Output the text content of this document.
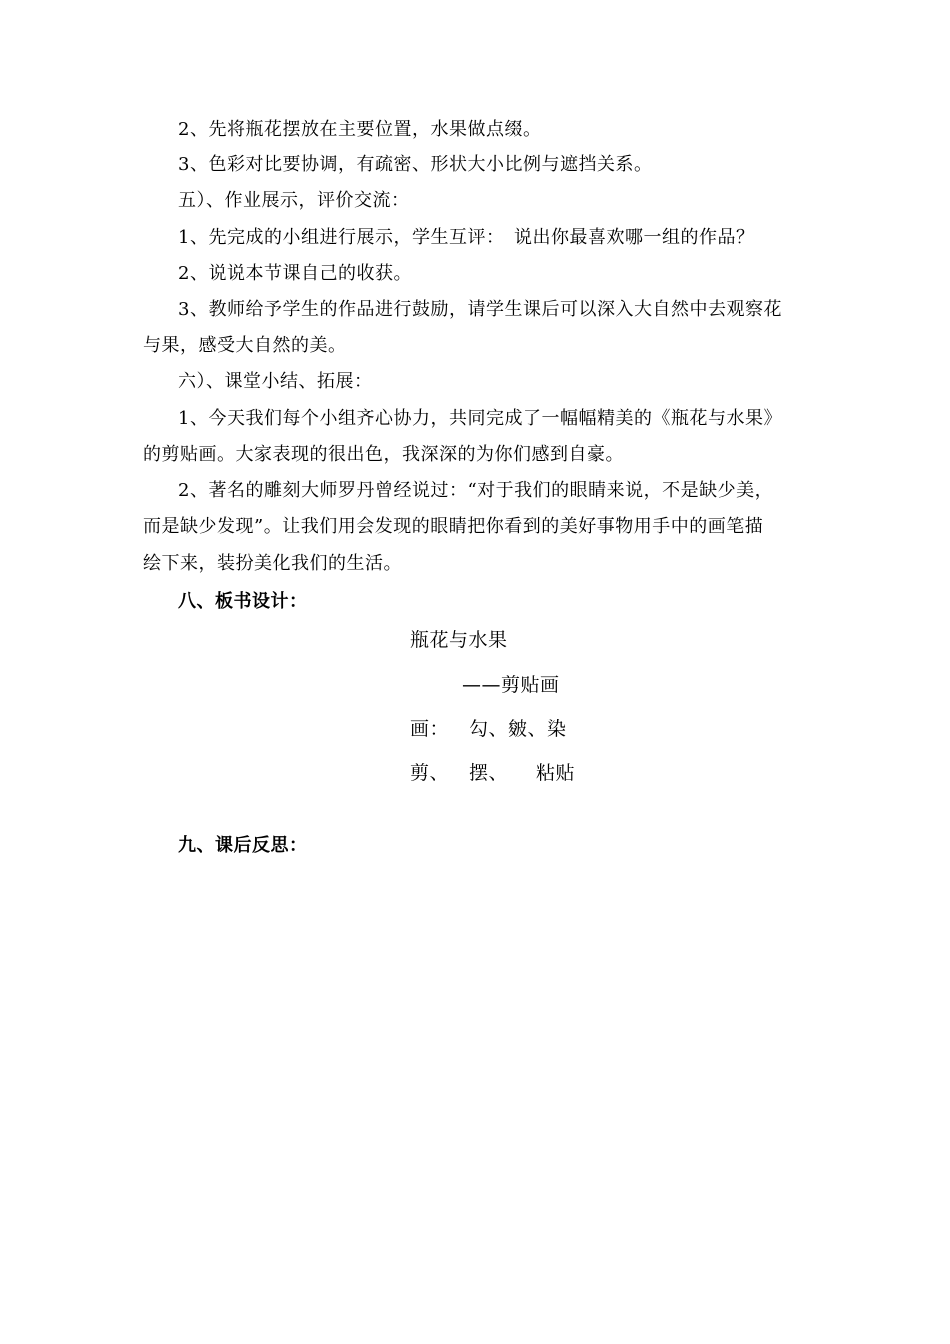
2、先将瓶花摆放在主要位置，水果做点缀。
3、色彩对比要协调，有疏密、形状大小比例与遮挡关系。
五）、作业展示，评价交流：
1、先完成的小组进行展示，学生互评：　说出你最喜欢哪一组的作品？
2、说说本节课自己的收获。
3、教师给予学生的作品进行鼓励，请学生课后可以深入大自然中去观察花
与果，感受大自然的美。
六）、课堂小结、拓展：
1、今天我们每个小组齐心协力，共同完成了一幅幅精美的《瓶花与水果》
的剪贴画。大家表现的很出色，我深深的为你们感到自豪。
2、著名的雕刻大师罗丹曾经说过：“对于我们的眼睛来说，不是缺少美，
而是缺少发现”。让我们用会发现的眼睛把你看到的美好事物用手中的画笔描
绘下来，装扮美化我们的生活。
八、板书设计：
瓶花与水果
——剪贴画
画： 勾、皴、染
剪、 摆、 粘贴
九、课后反思：
